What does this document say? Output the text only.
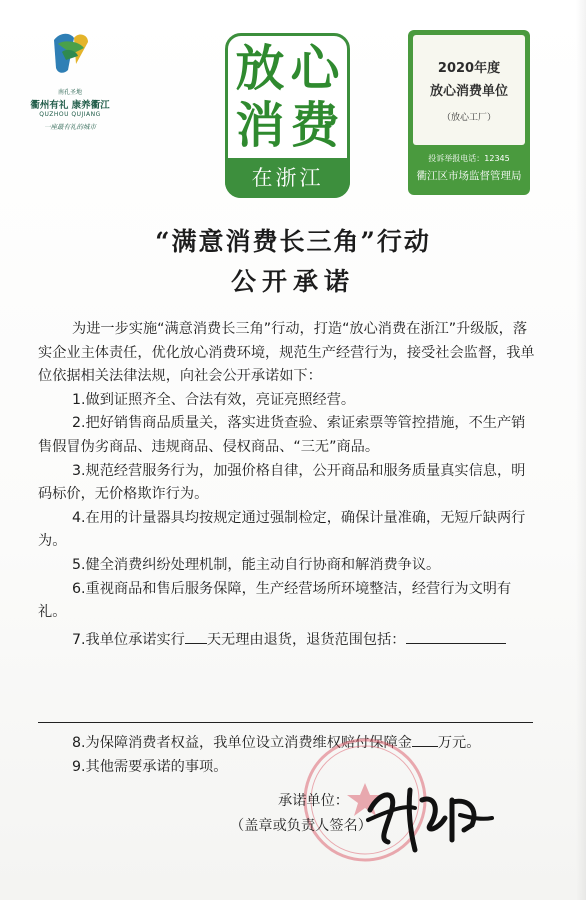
南孔圣地
衢州有礼 康养衢江
QUZHOU QUJIANG
一座最有礼的城市
放 心
消 费
在浙江
2020年度
放心消费单位
（放心工厂）
投诉举报电话：12345
衢江区市场监督管理局
“满意消费长三角”行动
公开承诺

为进一步实施“满意消费长三角”行动，打造“放心消费在浙江”升级版，落实企业主体责任，优化放心消费环境，规范生产经营行为，接受社会监督，我单位依据相关法律法规，向社会公开承诺如下：

1.做到证照齐全、合法有效，亮证亮照经营。

2.把好销售商品质量关，落实进货查验、索证索票等管控措施，不生产销售假冒伪劣商品、违规商品、侵权商品、“三无”商品。

3.规范经营服务行为，加强价格自律，公开商品和服务质量真实信息，明码标价，无价格欺诈行为。

4.在用的计量器具均按规定通过强制检定，确保计量准确，无短斤缺两行为。

5.健全消费纠纷处理机制，能主动自行协商和解消费争议。

6.重视商品和售后服务保障，生产经营场所环境整洁，经营行为文明有礼。

7.我单位承诺实行 天无理由退货，退货范围包括：

8.为保障消费者权益，我单位设立消费维权赔付保障金 万元。

9.其他需要承诺的事项。

承诺单位：
（盖章或负责人签名）
